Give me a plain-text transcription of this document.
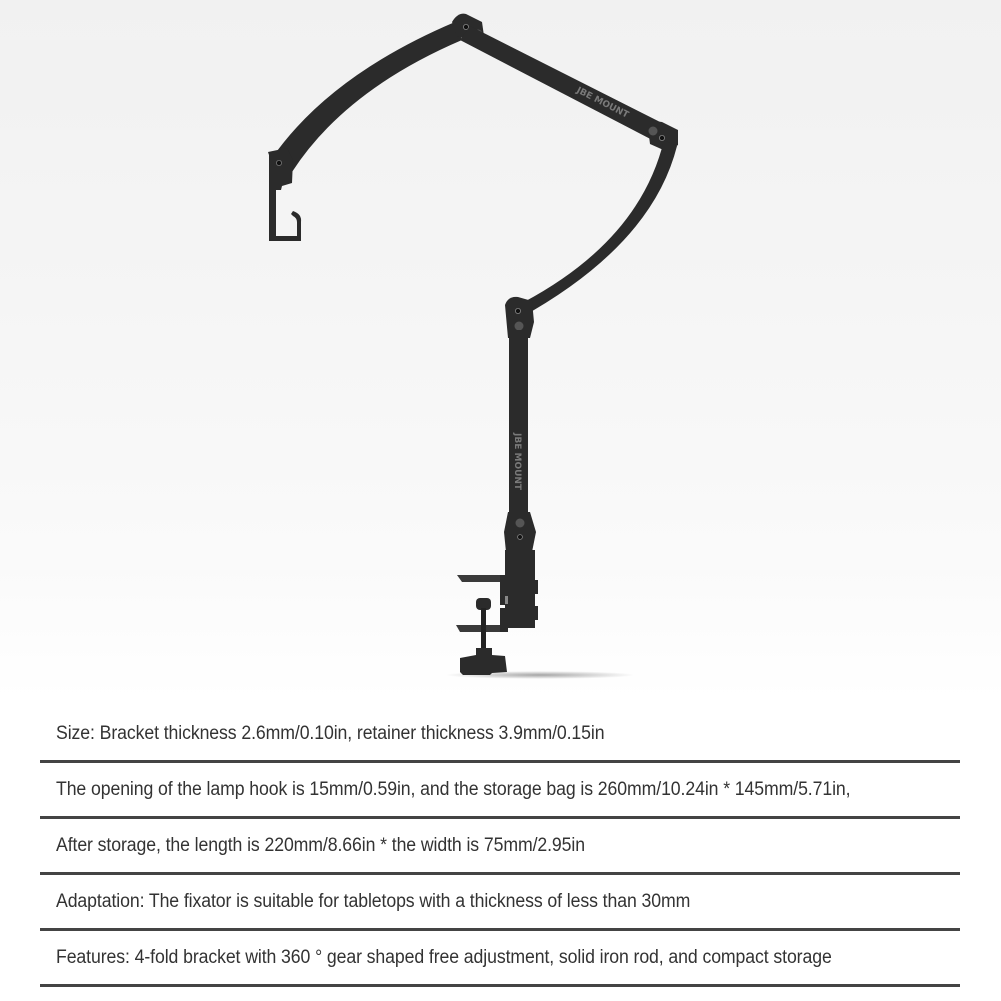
JBE MOUNT
JBE MOUNT
Size: Bracket thickness 2.6mm/0.10in, retainer thickness 3.9mm/0.15in
The opening of the lamp hook is 15mm/0.59in, and the storage bag is 260mm/10.24in * 145mm/5.71in,
After storage, the length is 220mm/8.66in * the width is 75mm/2.95in
Adaptation: The fixator is suitable for tabletops with a thickness of less than 30mm
Features: 4-fold bracket with 360 ° gear shaped free adjustment, solid iron rod, and compact storage
